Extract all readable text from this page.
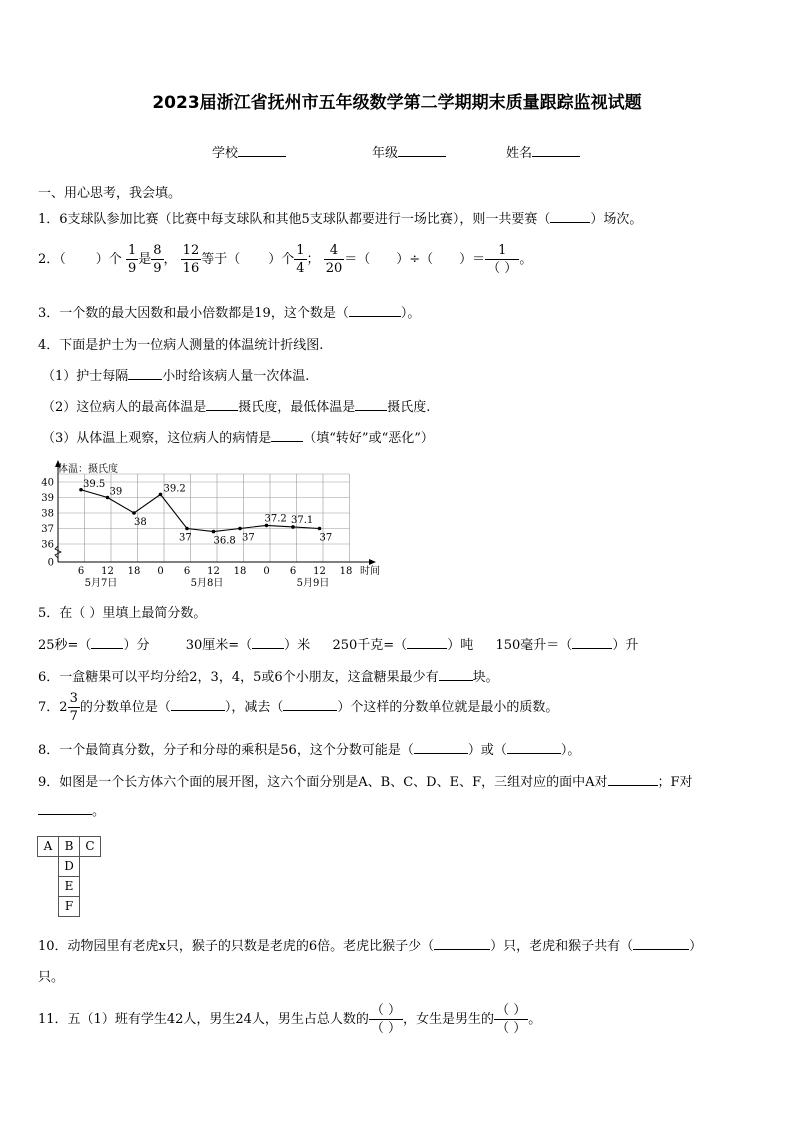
2023届浙江省抚州市五年级数学第二学期期末质量跟踪监视试题
学校	年级	姓名
一、用心思考，我会填。
1．6支球队参加比赛（比赛中每支球队和其他5支球队都要进行一场比赛），则一共要赛（	）场次。
2．（ ）个 $\frac{1}{9}$ 是 $\frac{8}{9}$ ， $\frac{12}{16}$ 等于（ ）个 $\frac{1}{4}$ ； $\frac{4}{20}$ ＝（ ）÷（ ）＝ $\frac{1}{( )}$ 。
3．一个数的最大因数和最小倍数都是19，这个数是（	）。
4．下面是护士为一位病人测量的体温统计折线图.
（1）护士每隔	小时给该病人量一次体温.
（2）这位病人的最高体温是 摄氏度，最低体温是 摄氏度.
（3）从体温上观察，这位病人的病情是 （填“转好”或“恶化”）
0
36
37
38
39
40
6 12 18 0 6 12 18 0 6 12 18
5月7日	5月8日	5月9日
39.5
39
38
39.2
37 36.8 37
37.2 37.1
37
体温：摄氏度
时间
5．在（ ）里填上最简分数。
25秒=（ ）分	30厘米=（ ）米 250千克=（	）吨 150毫升＝（	）升
6．一盒糖果可以平均分给2，3，4，5或6个小朋友，这盒糖果最少有	块。
7．$2 \frac{3}{7}$ 的分数单位是（	），减去（	）个这样的分数单位就是最小的质数。
8．一个最简真分数，分子和分母的乘积是56，这个分数可能是（	）或（	）。
9．如图是一个长方体六个面的展开图，这六个面分别是A、B、C、D、E、F，三组对应的面中A对	；F对
。
A	B	C
D
E
F
10．动物园里有老虎x只，猴子的只数是老虎的6倍。老虎比猴子少（	）只，老虎和猴子共有（	）
只。
11．五（1）班有学生42人，男生24人，男生占总人数的 $\frac{( )}{( )}$ ，女生是男生的 $\frac{( )}{( )}$ 。
